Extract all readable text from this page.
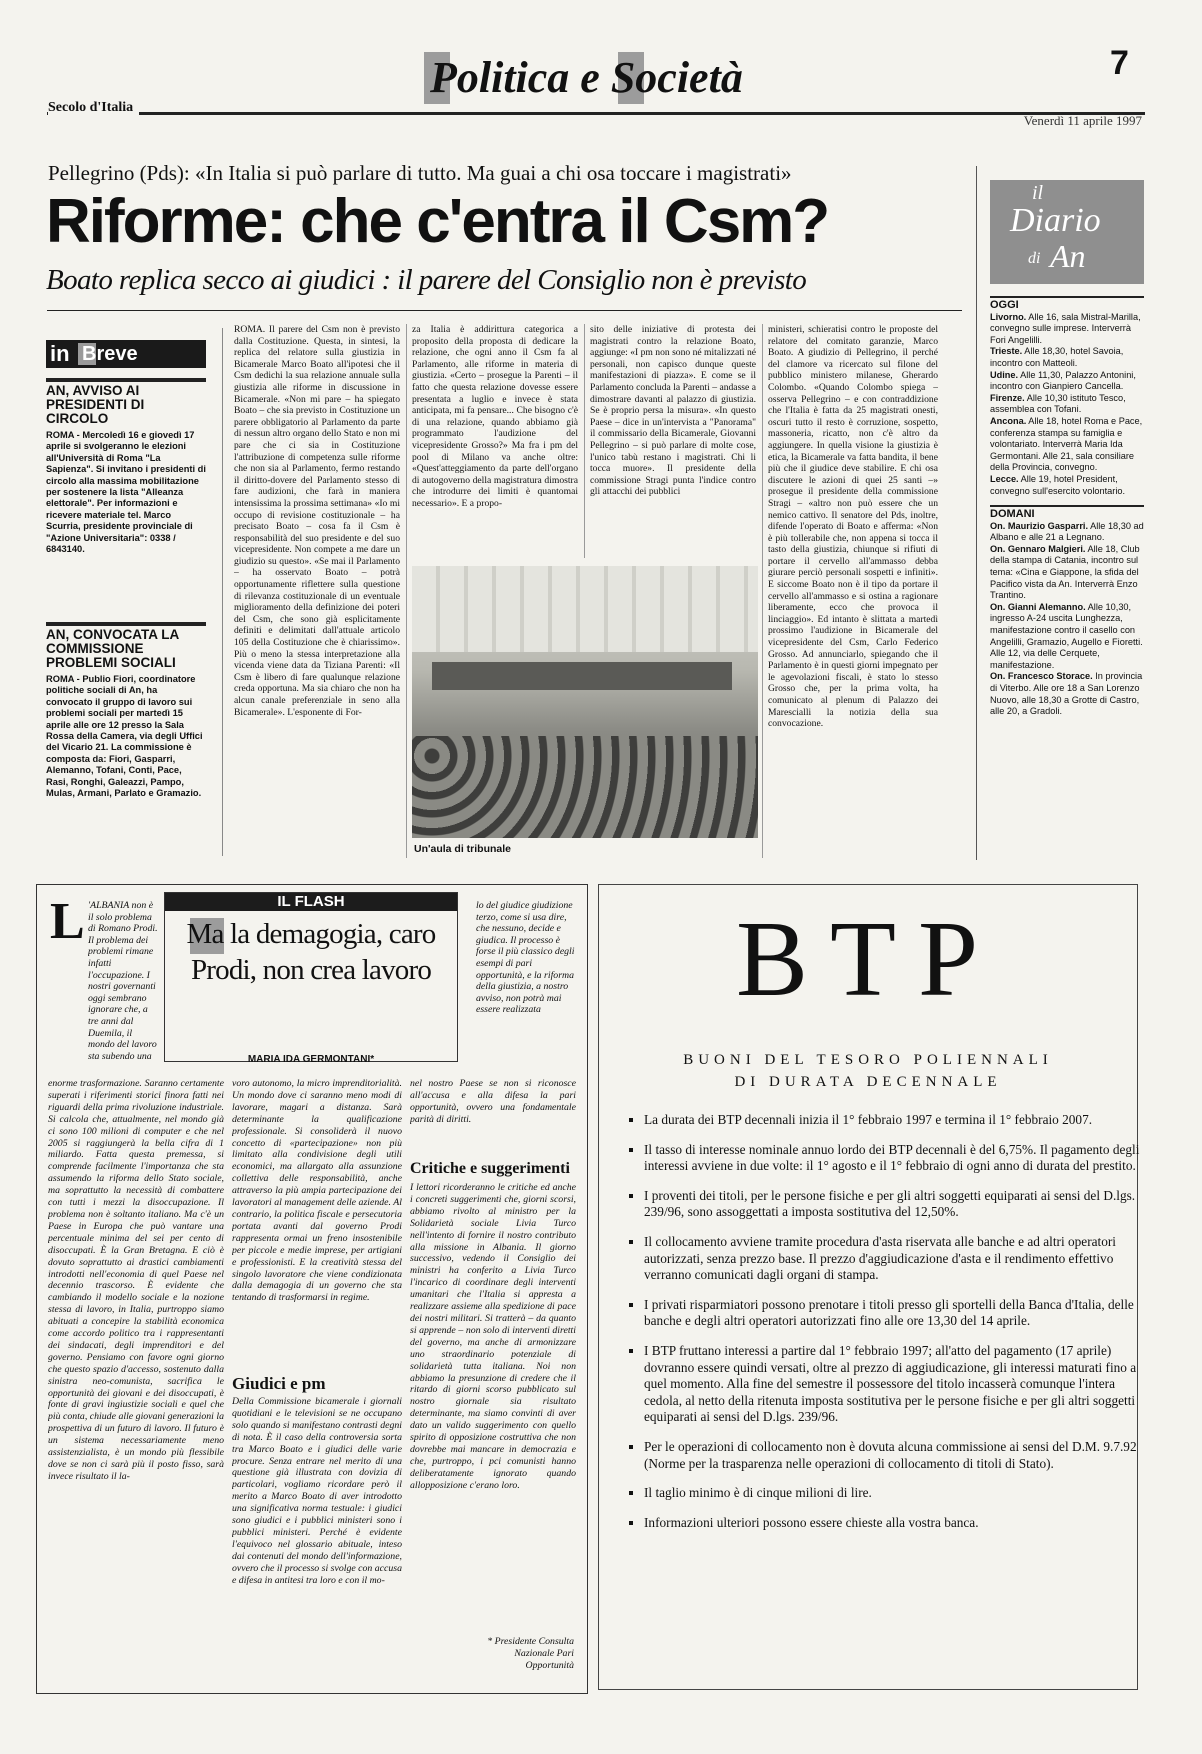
Politica e Società	7
Secolo d'Italia
Venerdì 11 aprile 1997
Pellegrino (Pds): «In Italia si può parlare di tutto. Ma guai a chi osa toccare i magistrati»
Riforme: che c'entra il Csm?
Boato replica secco ai giudici : il parere del Consiglio non è previsto
in Breve

AN, AVVISO AI PRESIDENTI DI CIRCOLO

ROMA - Mercoledì 16 e giovedì 17 aprile si svolgeranno le elezioni all'Università di Roma "La Sapienza". Si invitano i presidenti di circolo alla massima mobilitazione per sostenere la lista "Alleanza elettorale". Per informazioni e ricevere materiale tel. Marco Scurria, presidente provinciale di "Azione Universitaria": 0338 / 6843140.

AN, CONVOCATA LA COMMISSIONE PROBLEMI SOCIALI

ROMA - Publio Fiori, coordinatore politiche sociali di An, ha convocato il gruppo di lavoro sui problemi sociali per martedì 15 aprile alle ore 12 presso la Sala Rossa della Camera, via degli Uffici del Vicario 21. La commissione è composta da: Fiori, Gasparri, Alemanno, Tofani, Conti, Pace, Rasi, Ronghi, Galeazzi, Pampo, Mulas, Armani, Parlato e Gramazio.

ROMA. Il parere del Csm non è previsto dalla Costituzione. Questa, in sintesi, la replica del relatore sulla giustizia in Bicamerale Marco Boato all'ipotesi che il Csm dedichi la sua relazione annuale sulla giustizia alle riforme in discussione in Bicamerale. «Non mi pare – ha spiegato Boato – che sia previsto in Costituzione un parere obbligatorio al Parlamento da parte di nessun altro organo dello Stato e non mi pare che ci sia in Costituzione l'attribuzione di competenza sulle riforme che non sia al Parlamento, fermo restando il diritto-dovere del Parlamento stesso di fare audizioni, che farà in maniera intensissima la prossima settimana» «Io mi occupo di revisione costituzionale – ha precisato Boato – cosa fa il Csm è responsabilità del suo presidente e del suo vicepresidente. Non compete a me dare un giudizio su questo». «Se mai il Parlamento – ha osservato Boato – potrà opportunamente riflettere sulla questione di rilevanza costituzionale di un eventuale miglioramento della definizione dei poteri del Csm, che sono già esplicitamente definiti e delimitati dall'attuale articolo 105 della Costituzione che è chiarissimo». Più o meno la stessa interpretazione alla vicenda viene data da Tiziana Parenti: «Il Csm è libero di fare qualunque relazione creda opportuna. Ma sia chiaro che non ha alcun canale preferenziale in seno alla Bicamerale». L'esponente di For-
za Italia è addirittura categorica a proposito della proposta di dedicare la relazione, che ogni anno il Csm fa al Parlamento, alle riforme in materia di giustizia. «Certo – prosegue la Parenti – il fatto che questa relazione dovesse essere presentata a luglio e invece è stata anticipata, mi fa pensare... Che bisogno c'è di una relazione, quando abbiamo già programmato l'audizione del vicepresidente Grosso?» Ma fra i pm del pool di Milano va anche oltre: «Quest'atteggiamento da parte dell'organo di autogoverno della magistratura dimostra che introdurre dei limiti è quantomai necessario». E a propo-
sito delle iniziative di protesta dei magistrati contro la relazione Boato, aggiunge: «I pm non sono né mitalizzati né personali, non capisco dunque queste manifestazioni di piazza». E come se il Parlamento concluda la Parenti – andasse a dimostrare davanti al palazzo di giustizia. Se è proprio persa la misura». «In questo Paese – dice in un'intervista a "Panorama" il commissario della Bicamerale, Giovanni Pellegrino – si può parlare di molte cose, l'unico tabù restano i magistrati. Chi li tocca muore». Il presidente della commissione Stragi punta l'indice contro gli attacchi dei pubblici
ministeri, schieratisi contro le proposte del relatore del comitato garanzie, Marco Boato. A giudizio di Pellegrino, il perché del clamore va ricercato sul filone del pubblico ministero milanese, Gherardo Colombo. «Quando Colombo spiega – osserva Pellegrino – e con contraddizione che l'Italia è fatta da 25 magistrati onesti, oscuri tutto il resto è corruzione, sospetto, massoneria, ricatto, non c'è altro da aggiungere. In quella visione la giustizia è etica, la Bicamerale va fatta bandita, il bene più che il giudice deve stabilire. E chi osa discutere le azioni di quei 25 santi –» prosegue il presidente della commissione Stragi – «altro non può essere che un nemico cattivo. Il senatore del Pds, inoltre, difende l'operato di Boato e afferma: «Non è più tollerabile che, non appena si tocca il tasto della giustizia, chiunque si rifiuti di portare il cervello all'ammasso debba giurare perciò personali sospetti e infiniti». E siccome Boato non è il tipo da portare il cervello all'ammasso e si ostina a ragionare liberamente, ecco che provoca il linciaggio». Ed intanto è slittata a martedì prossimo l'audizione in Bicamerale del vicepresidente del Csm, Carlo Federico Grosso. Ad annunciarlo, spiegando che il Parlamento è in questi giorni impegnato per le agevolazioni fiscali, è stato lo stesso Grosso che, per la prima volta, ha comunicato al plenum di Palazzo dei Marescialli la notizia della sua convocazione.
Un'aula di tribunale
il
Diario
di An

OGGI

Livorno. Alle 16, sala Mistral-Marilla, convegno sulle imprese. Interverrà Fori Angelilli.

Trieste. Alle 18,30, hotel Savoia, incontro con Matteoli.

Udine. Alle 11,30, Palazzo Antonini, incontro con Gianpiero Cancella.

Firenze. Alle 10,30 istituto Tesco, assemblea con Tofani.

Ancona. Alle 18, hotel Roma e Pace, conferenza stampa su famiglia e volontariato. Interverrà Maria Ida Germontani. Alle 21, sala consiliare della Provincia, convegno.

Lecce. Alle 19, hotel President, convegno sull'esercito volontario.

DOMANI

On. Maurizio Gasparri. Alle 18,30 ad Albano e alle 21 a Legnano.

On. Gennaro Malgieri. Alle 18, Club della stampa di Catania, incontro sul tema: «Cina e Giappone, la sfida del Pacifico vista da An. Interverrà Enzo Trantino.

On. Gianni Alemanno. Alle 10,30, ingresso A-24 uscita Lunghezza, manifestazione contro il casello con Angelilli, Gramazio, Augello e Fioretti. Alle 12, via delle Cerquete, manifestazione.

On. Francesco Storace. In provincia di Viterbo. Alle ore 18 a San Lorenzo Nuovo, alle 18,30 a Grotte di Castro, alle 20, a Gradoli.

IL FLASH
Ma la demagogia, caro Prodi, non crea lavoro
MARIA IDA GERMONTANI*
L 'ALBANIA non è il solo problema di Romano Prodi. Il problema dei problemi rimane infatti l'occupazione. I nostri governanti oggi sembrano ignorare che, a tre anni dal Duemila, il mondo del lavoro sta subendo una
enorme trasformazione. Saranno certamente superati i riferimenti storici finora fatti nei riguardi della prima rivoluzione industriale. Si calcola che, attualmente, nel mondo già ci sono 100 milioni di computer e che nel 2005 si raggiungerà la bella cifra di 1 miliardo. Fatta questa premessa, si comprende facilmente l'importanza che sta assumendo la riforma dello Stato sociale, ma soprattutto la necessità di combattere con tutti i mezzi la disoccupazione. Il problema non è soltanto italiano. Ma c'è un Paese in Europa che può vantare una percentuale minima del sei per cento di disoccupati. È la Gran Bretagna. E ciò è dovuto soprattutto ai drastici cambiamenti introdotti nell'economia di quel Paese nel decennio trascorso. È evidente che cambiando il modello sociale e la nozione stessa di lavoro, in Italia, purtroppo siamo abituati a concepire la stabilità economica come accordo politico tra i rappresentanti dei sindacati, degli imprenditori e del governo. Pensiamo con favore ogni giorno che questo spazio d'accesso, sostenuto dalla sinistra neo-comunista, sacrifica le opportunità dei giovani e dei disoccupati, è fonte di gravi ingiustizie sociali e quel che più conta, chiude alle giovani generazioni la prospettiva di un futuro di lavoro. Il futuro è un sistema necessariamente meno assistenzialista, è un mondo più flessibile dove se non ci sarà più il posto fisso, sarà invece risultato il la-
voro autonomo, la micro imprenditorialità. Un mondo dove ci saranno meno modi di lavorare, magari a distanza. Sarà determinante la qualificazione professionale. Si consoliderà il nuovo concetto di «partecipazione» non più limitato alla condivisione degli utili economici, ma allargato alla assunzione collettiva delle responsabilità, anche attraverso la più ampia partecipazione dei lavoratori al management delle aziende. Al contrario, la politica fiscale e persecutoria portata avanti dal governo Prodi rappresenta ormai un freno insostenibile per piccole e medie imprese, per artigiani e professionisti. E la creatività stessa del singolo lavoratore che viene condizionata dalla demagogia di un governo che sta tentando di trasformarsi in regime.
Giudici e pm
Della Commissione bicamerale i giornali quotidiani e le televisioni se ne occupano solo quando si manifestano contrasti degni di nota. È il caso della controversia sorta tra Marco Boato e i giudici delle varie procure. Senza entrare nel merito di una questione già illustrata con dovizia di particolari, vogliamo ricordare però il merito a Marco Boato di aver introdotto una significativa norma testuale: i giudici sono giudici e i pubblici ministeri sono i pubblici ministeri. Perché è evidente l'equivoco nel glossario abituale, inteso dai contenuti del mondo dell'informazione, ovvero che il processo si svolge con accusa e difesa in antitesi tra loro e con il mo-
lo del giudice giudizione terzo, come si usa dire, che nessuno, decide e giudica. Il processo è forse il più classico degli esempi di pari opportunità, e la riforma della giustizia, a nostro avviso, non potrà mai essere realizzata
nel nostro Paese se non si riconosce all'accusa e alla difesa la pari opportunità, ovvero una fondamentale parità di diritti.
Critiche e suggerimenti
I lettori ricorderanno le critiche ed anche i concreti suggerimenti che, giorni scorsi, abbiamo rivolto al ministro per la Solidarietà sociale Livia Turco nell'intento di fornire il nostro contributo alla missione in Albania. Il giorno successivo, vedendo il Consiglio dei ministri ha conferito a Livia Turco l'incarico di coordinare degli interventi umanitari che l'Italia si appresta a realizzare assieme alla spedizione di pace dei nostri militari. Si tratterà – da quanto si apprende – non solo di interventi diretti del governo, ma anche di armonizzare uno straordinario potenziale di solidarietà tutta italiana. Noi non abbiamo la presunzione di credere che il ritardo di giorni scorso pubblicato sul nostro giornale sia risultato determinante, ma siamo convinti di aver dato un valido suggerimento con quello spirito di opposizione costruttiva che non dovrebbe mai mancare in democrazia e che, purtroppo, i pci comunisti hanno deliberatamente ignorato quando allopposizione c'erano loro.
* Presidente Consulta Nazionale Pari Opportunità
BTP
BUONI DEL TESORO POLIENNALI
DI DURATA DECENNALE
▪ La durata dei BTP decennali inizia il 1° febbraio 1997 e termina il 1° febbraio 2007.
▪ Il tasso di interesse nominale annuo lordo dei BTP decennali è del 6,75%. Il pagamento degli interessi avviene in due volte: il 1° agosto e il 1° febbraio di ogni anno di durata del prestito.
▪ I proventi dei titoli, per le persone fisiche e per gli altri soggetti equiparati ai sensi del D.lgs. 239/96, sono assoggettati a imposta sostitutiva del 12,50%.
▪ Il collocamento avviene tramite procedura d'asta riservata alle banche e ad altri operatori autorizzati, senza prezzo base. Il prezzo d'aggiudicazione d'asta e il rendimento effettivo verranno comunicati dagli organi di stampa.
▪ I privati risparmiatori possono prenotare i titoli presso gli sportelli della Banca d'Italia, delle banche e degli altri operatori autorizzati fino alle ore 13,30 del 14 aprile.
▪ I BTP fruttano interessi a partire dal 1° febbraio 1997; all'atto del pagamento (17 aprile) dovranno essere quindi versati, oltre al prezzo di aggiudicazione, gli interessi maturati fino a quel momento. Alla fine del semestre il possessore del titolo incasserà comunque l'intera cedola, al netto della ritenuta imposta sostitutiva per le persone fisiche e per gli altri soggetti equiparati ai sensi del D.lgs. 239/96.
▪ Per le operazioni di collocamento non è dovuta alcuna commissione ai sensi del D.M. 9.7.92 (Norme per la trasparenza nelle operazioni di collocamento di titoli di Stato).
▪ Il taglio minimo è di cinque milioni di lire.
▪ Informazioni ulteriori possono essere chieste alla vostra banca.
